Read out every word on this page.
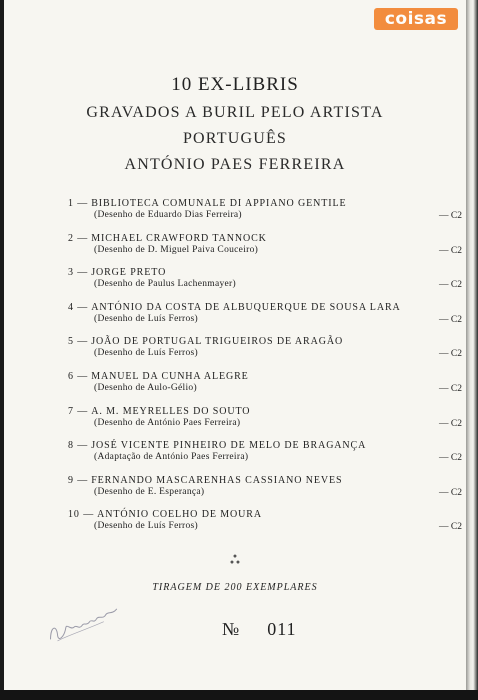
coisas
10 EX-LIBRIS
GRAVADOS A BURIL PELO ARTISTA
PORTUGUÊS
ANTÓNIO PAES FERREIRA
1 — BIBLIOTECA COMUNALE DI APPIANO GENTILE
(Desenho de Eduardo Dias Ferreira)	— C2
2 — MICHAEL CRAWFORD TANNOCK
(Desenho de D. Miguel Paiva Couceiro)	— C2
3 — JORGE PRETO
(Desenho de Paulus Lachenmayer)	— C2
4 — ANTÓNIO DA COSTA DE ALBUQUERQUE DE SOUSA LARA
(Desenho de Luís Ferros)	— C2
5 — JOÃO DE PORTUGAL TRIGUEIROS DE ARAGÃO
(Desenho de Luís Ferros)	— C2
6 — MANUEL DA CUNHA ALEGRE
(Desenho de Aulo-Gélio)	— C2
7 — A. M. MEYRELLES DO SOUTO
(Desenho de António Paes Ferreira)	— C2
8 — JOSÉ VICENTE PINHEIRO DE MELO DE BRAGANÇA
(Adaptação de António Paes Ferreira)	— C2
9 — FERNANDO MASCARENHAS CASSIANO NEVES
(Desenho de E. Esperança)	— C2
10 — ANTÓNIO COELHO DE MOURA
(Desenho de Luís Ferros)	— C2
●
● ●
TIRAGEM DE 200 EXEMPLARES
№ 011
